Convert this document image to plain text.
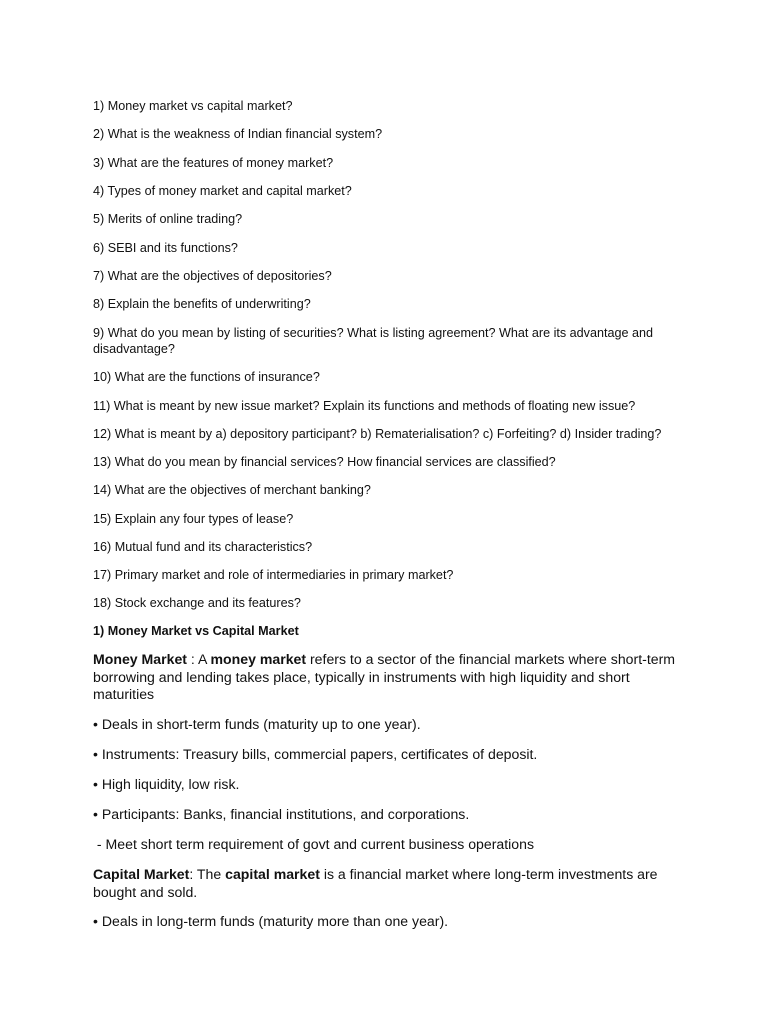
1) Money market vs capital market?
2) What is the weakness of Indian financial system?
3) What are the features of money market?
4) Types of money market and capital market?
5) Merits of online trading?
6) SEBI and its functions?
7) What are the objectives of depositories?
8) Explain the benefits of underwriting?
9) What do you mean by listing of securities? What is listing agreement? What are its advantage and disadvantage?
10) What are the functions of insurance?
11) What is meant by new issue market? Explain its functions and methods of floating new issue?
12) What is meant by a) depository participant? b) Rematerialisation? c) Forfeiting? d) Insider trading?
13) What do you mean by financial services? How financial services are classified?
14) What are the objectives of merchant banking?
15) Explain any four types of lease?
16) Mutual fund and its characteristics?
17) Primary market and role of intermediaries in primary market?
18) Stock exchange and its features?
1) Money Market vs Capital Market
Money Market : A money market refers to a sector of the financial markets where short-term borrowing and lending takes place, typically in instruments with high liquidity and short maturities
• Deals in short-term funds (maturity up to one year).
• Instruments: Treasury bills, commercial papers, certificates of deposit.
• High liquidity, low risk.
• Participants: Banks, financial institutions, and corporations.
- Meet short term requirement of govt and current business operations
Capital Market: The capital market is a financial market where long-term investments are bought and sold.
• Deals in long-term funds (maturity more than one year).
